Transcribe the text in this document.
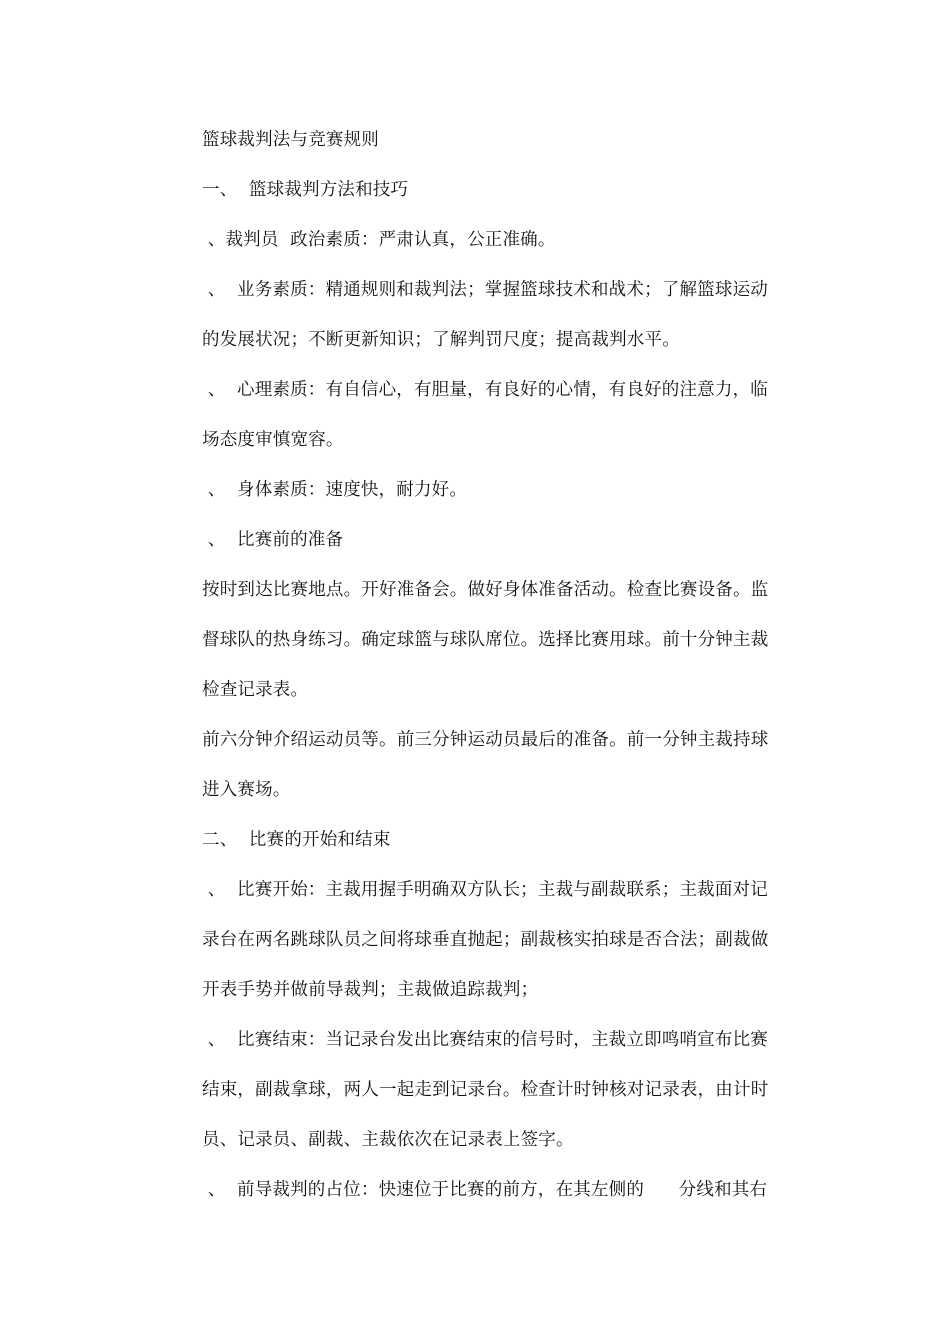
篮球裁判法与竞赛规则
一、  篮球裁判方法和技巧
、裁判员  政治素质：严肃认真，公正准确。
、  业务素质：精通规则和裁判法；掌握篮球技术和战术；了解篮球运动
的发展状况；不断更新知识；了解判罚尺度；提高裁判水平。
、  心理素质：有自信心，有胆量，有良好的心情，有良好的注意力，临
场态度审慎宽容。
、  身体素质：速度快，耐力好。
、  比赛前的准备
按时到达比赛地点。开好准备会。做好身体准备活动。检查比赛设备。监
督球队的热身练习。确定球篮与球队席位。选择比赛用球。前十分钟主裁
检查记录表。
前六分钟介绍运动员等。前三分钟运动员最后的准备。前一分钟主裁持球
进入赛场。
二、  比赛的开始和结束
、  比赛开始：主裁用握手明确双方队长；主裁与副裁联系；主裁面对记
录台在两名跳球队员之间将球垂直抛起；副裁核实拍球是否合法；副裁做
开表手势并做前导裁判；主裁做追踪裁判；
、  比赛结束：当记录台发出比赛结束的信号时，主裁立即鸣哨宣布比赛
结束，副裁拿球，两人一起走到记录台。检查计时钟核对记录表，由计时
员、记录员、副裁、主裁依次在记录表上签字。
、  前导裁判的占位：快速位于比赛的前方，在其左侧的      分线和其右
